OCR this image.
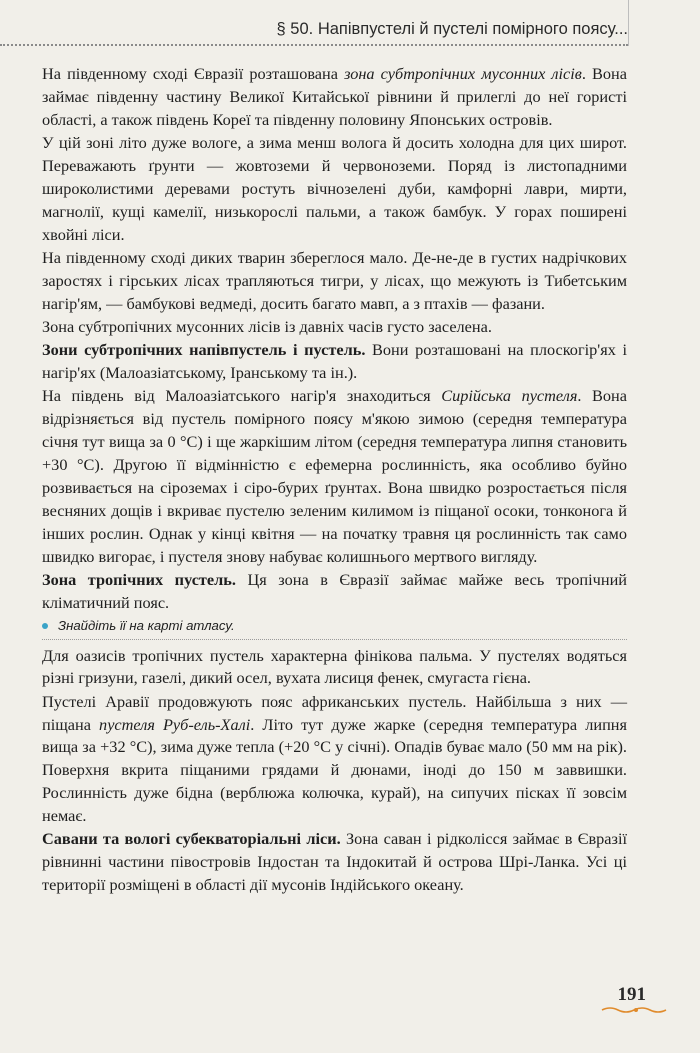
§ 50. Напівпустелі й пустелі помірного поясу...

На південному сході Євразії розташована зона субтропічних мусонних лісів. Вона займає південну частину Великої Китайської рівнини й прилеглі до неї гористі області, а також південь Кореї та південну половину Японських островів.

У цій зоні літо дуже вологе, а зима менш волога й досить холодна для цих широт. Переважають ґрунти — жовтоземи й червоноземи. Поряд із листопадними широколистими деревами ростуть вічнозелені дуби, камфорні лаври, мирти, магнолії, кущі камелії, низькорослі пальми, а також бамбук. У горах поширені хвойні ліси.

На південному сході диких тварин збереглося мало. Де-не-де в густих надрічкових заростях і гірських лісах трапляються тигри, у лісах, що межують із Тибетським нагір'ям, — бамбукові ведмеді, досить багато мавп, а з птахів — фазани.

Зона субтропічних мусонних лісів із давніх часів густо заселена.

Зони субтропічних напівпустель і пустель. Вони розташовані на плоскогір'ях і нагір'ях (Малоазіатському, Іранському та ін.).

На південь від Малоазіатського нагір'я знаходиться Сирійська пустеля. Вона відрізняється від пустель помірного поясу м'якою зимою (середня температура січня тут вища за 0 °С) і ще жаркішим літом (середня температура липня становить +30 °С). Другою її відмінністю є ефемерна рослинність, яка особливо буйно розвивається на сіроземах і сіро-бурих ґрунтах. Вона швидко розростається після весняних дощів і вкриває пустелю зеленим килимом із піщаної осоки, тонконога й інших рослин. Однак у кінці квітня — на початку травня ця рослинність так само швидко вигорає, і пустеля знову набуває колишнього мертвого вигляду.

Зона тропічних пустель. Ця зона в Євразії займає майже весь тропічний кліматичний пояс.

Знайдіть її на карті атласу.

Для оазисів тропічних пустель характерна фінікова пальма. У пустелях водяться різні гризуни, газелі, дикий осел, вухата лисиця фенек, смугаста гієна.

Пустелі Аравії продовжують пояс африканських пустель. Найбільша з них — піщана пустеля Руб-ель-Халі. Літо тут дуже жарке (середня температура липня вища за +32 °С), зима дуже тепла (+20 °С у січні). Опадів буває мало (50 мм на рік). Поверхня вкрита піщаними грядами й дюнами, іноді до 150 м заввишки. Рослинність дуже бідна (верблюжа колючка, курай), на сипучих пісках її зовсім немає.

Савани та вологі субекваторіальні ліси. Зона саван і рідколісся займає в Євразії рівнинні частини півостровів Індостан та Індокитай й острова Шрі-Ланка. Усі ці території розміщені в області дії мусонів Індійського океану.

191
